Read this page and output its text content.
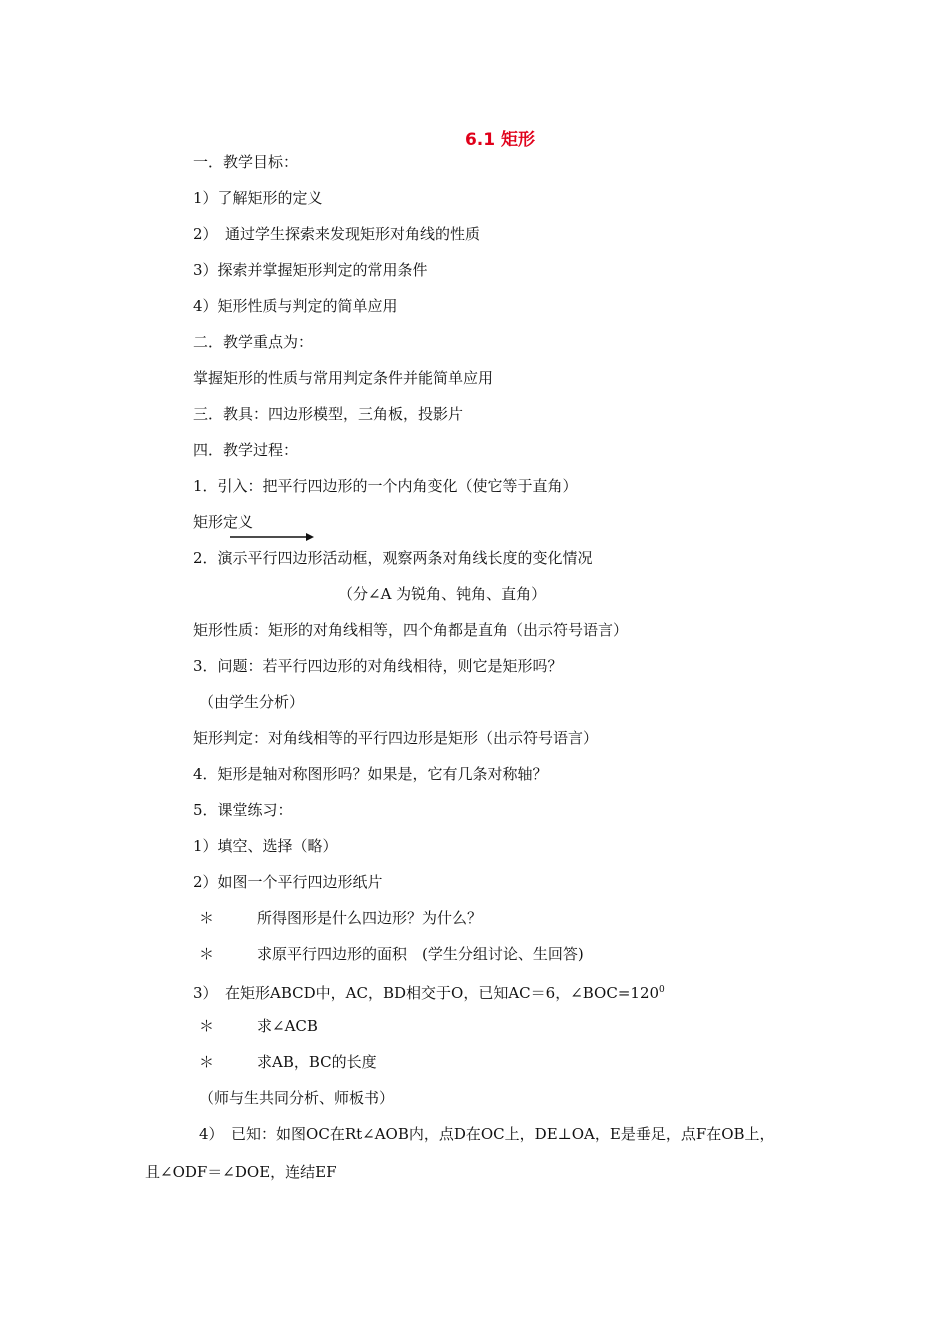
6.1 矩形
一．教学目标：
1）了解矩形的定义
2）　通过学生探索来发现矩形对角线的性质
3）探索并掌握矩形判定的常用条件
4）矩形性质与判定的简单应用
二．教学重点为：
掌握矩形的性质与常用判定条件并能简单应用
三．教具：四边形模型，三角板，投影片
四．教学过程：
1．引入：把平行四边形的一个内角变化（使它等于直角）
矩形定义
2．演示平行四边形活动框，观察两条对角线长度的变化情况
（分∠A 为锐角、钝角、直角）
矩形性质：矩形的对角线相等，四个角都是直角（出示符号语言）
3．问题：若平行四边形的对角线相待，则它是矩形吗？
（由学生分析）
矩形判定：对角线相等的平行四边形是矩形（出示符号语言）
4．矩形是轴对称图形吗？如果是，它有几条对称轴？
5．课堂练习：
1）填空、选择（略）
2）如图一个平行四边形纸片
＊	所得图形是什么四边形？为什么？
＊	求原平行四边形的面积　(学生分组讨论、生回答)
3）　在矩形ABCD中，AC，BD相交于O，已知AC＝6，$\angle BOC=120^0$
＊	求∠ACB
＊	求AB，BC的长度
（师与生共同分析、师板书）
4）　已知：如图OC在Rt∠AOB内，点D在OC上，DE⊥OA，E是垂足，点F在OB上，
且∠ODF＝∠DOE，连结EF
